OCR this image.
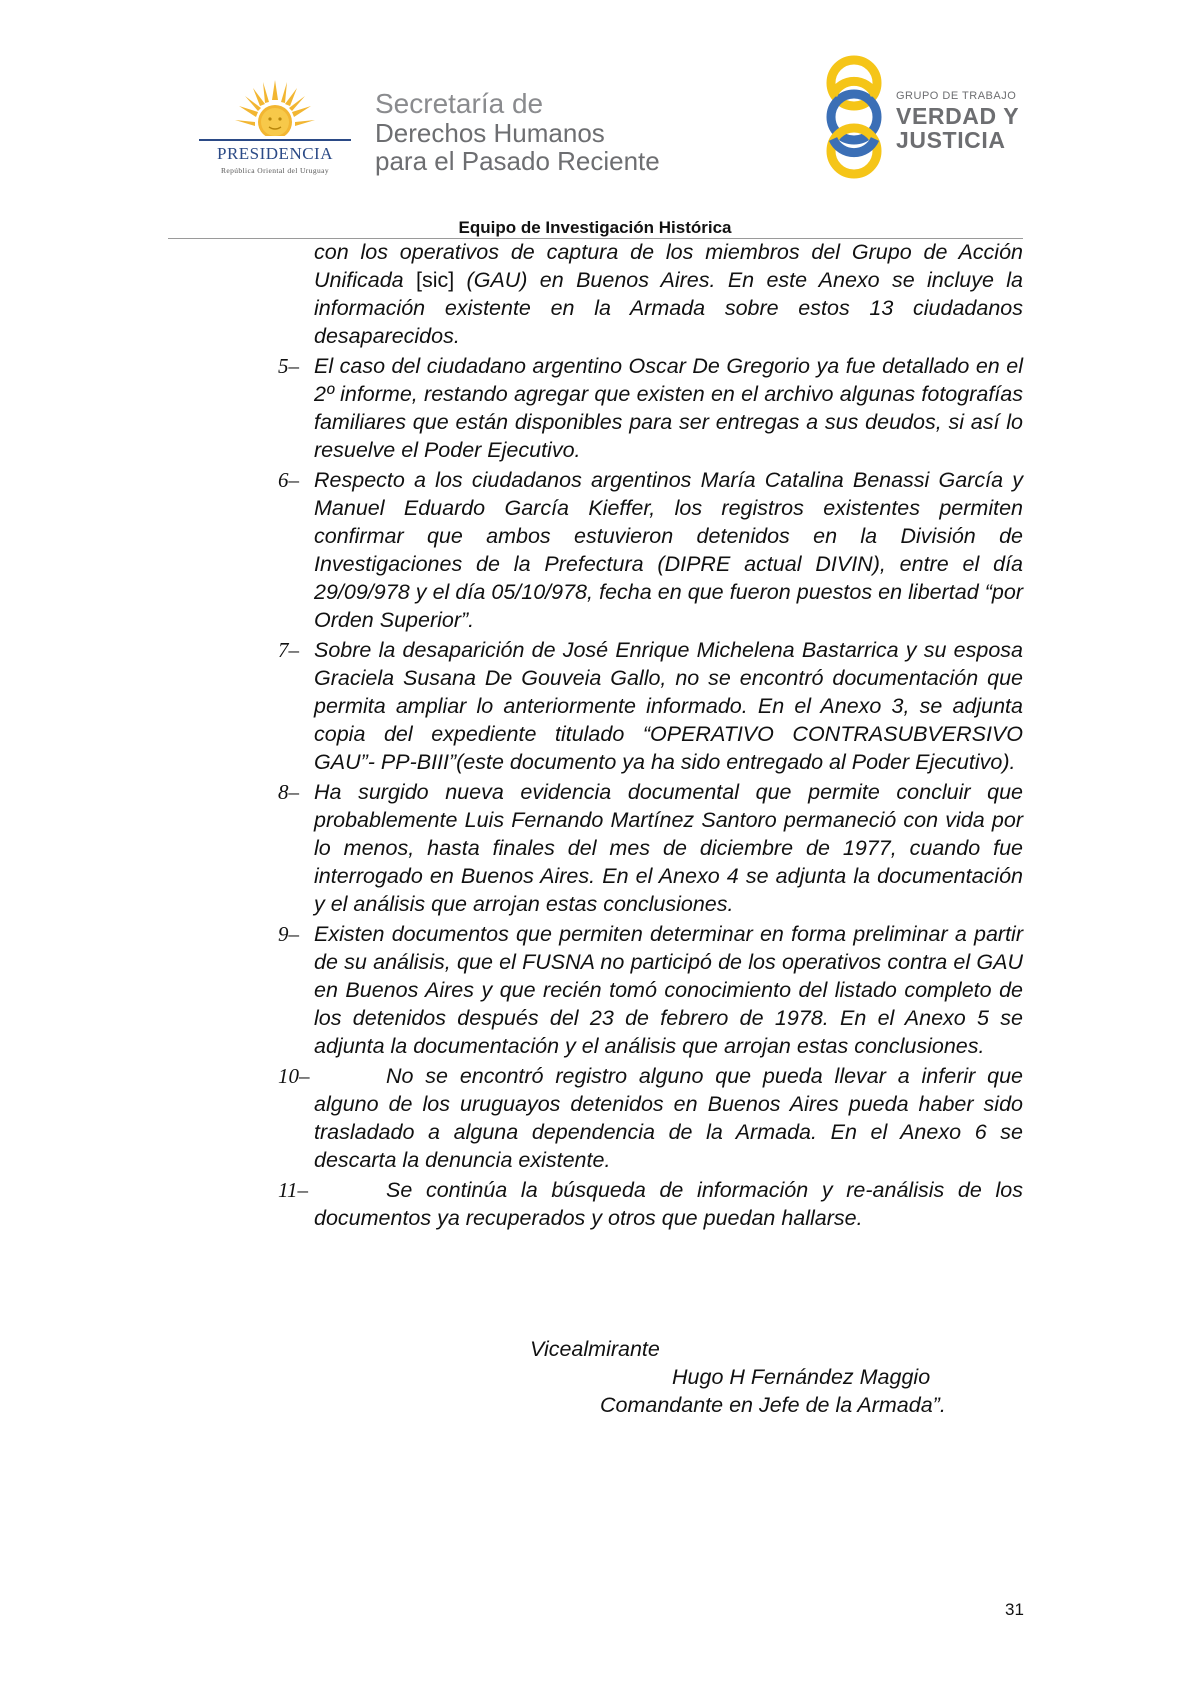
PRESIDENCIA
República Oriental del Uruguay
Secretaría de
Derechos Humanos
para el Pasado Reciente
GRUPO DE TRABAJO
VERDAD Y
JUSTICIA
Equipo de Investigación Histórica
con los operativos de captura de los miembros del Grupo de Acción Unificada [sic] (GAU) en Buenos Aires. En este Anexo se incluye la información existente en la Armada sobre estos 13 ciudadanos desaparecidos.
5– El caso del ciudadano argentino Oscar De Gregorio ya fue detallado en el 2º informe, restando agregar que existen en el archivo algunas fotografías familiares que están disponibles para ser entregas a sus deudos, si así lo resuelve el Poder Ejecutivo.
6– Respecto a los ciudadanos argentinos María Catalina Benassi García y Manuel Eduardo García Kieffer, los registros existentes permiten confirmar que ambos estuvieron detenidos en la División de Investigaciones de la Prefectura (DIPRE actual DIVIN), entre el día 29/09/978 y el día 05/10/978, fecha en que fueron puestos en libertad “por Orden Superior”.
7– Sobre la desaparición de José Enrique Michelena Bastarrica y su esposa Graciela Susana De Gouveia Gallo, no se encontró documentación que permita ampliar lo anteriormente informado. En el Anexo 3, se adjunta copia del expediente titulado “OPERATIVO CONTRASUBVERSIVO GAU”- PP-BIII”(este documento ya ha sido entregado al Poder Ejecutivo).
8– Ha surgido nueva evidencia documental que permite concluir que probablemente Luis Fernando Martínez Santoro permaneció con vida por lo menos, hasta finales del mes de diciembre de 1977, cuando fue interrogado en Buenos Aires. En el Anexo 4 se adjunta la documentación y el análisis que arrojan estas conclusiones.
9– Existen documentos que permiten determinar en forma preliminar a partir de su análisis, que el FUSNA no participó de los operativos contra el GAU en Buenos Aires y que recién tomó conocimiento del listado completo de los detenidos después del 23 de febrero de 1978. En el Anexo 5 se adjunta la documentación y el análisis que arrojan estas conclusiones.
10–	No se encontró registro alguno que pueda llevar a inferir que alguno de los uruguayos detenidos en Buenos Aires pueda haber sido trasladado a alguna dependencia de la Armada. En el Anexo 6 se descarta la denuncia existente.
11–	Se continúa la búsqueda de información y re-análisis de los documentos ya recuperados y otros que puedan hallarse.
Vicealmirante
Hugo H Fernández Maggio
Comandante en Jefe de la Armada”.
31
